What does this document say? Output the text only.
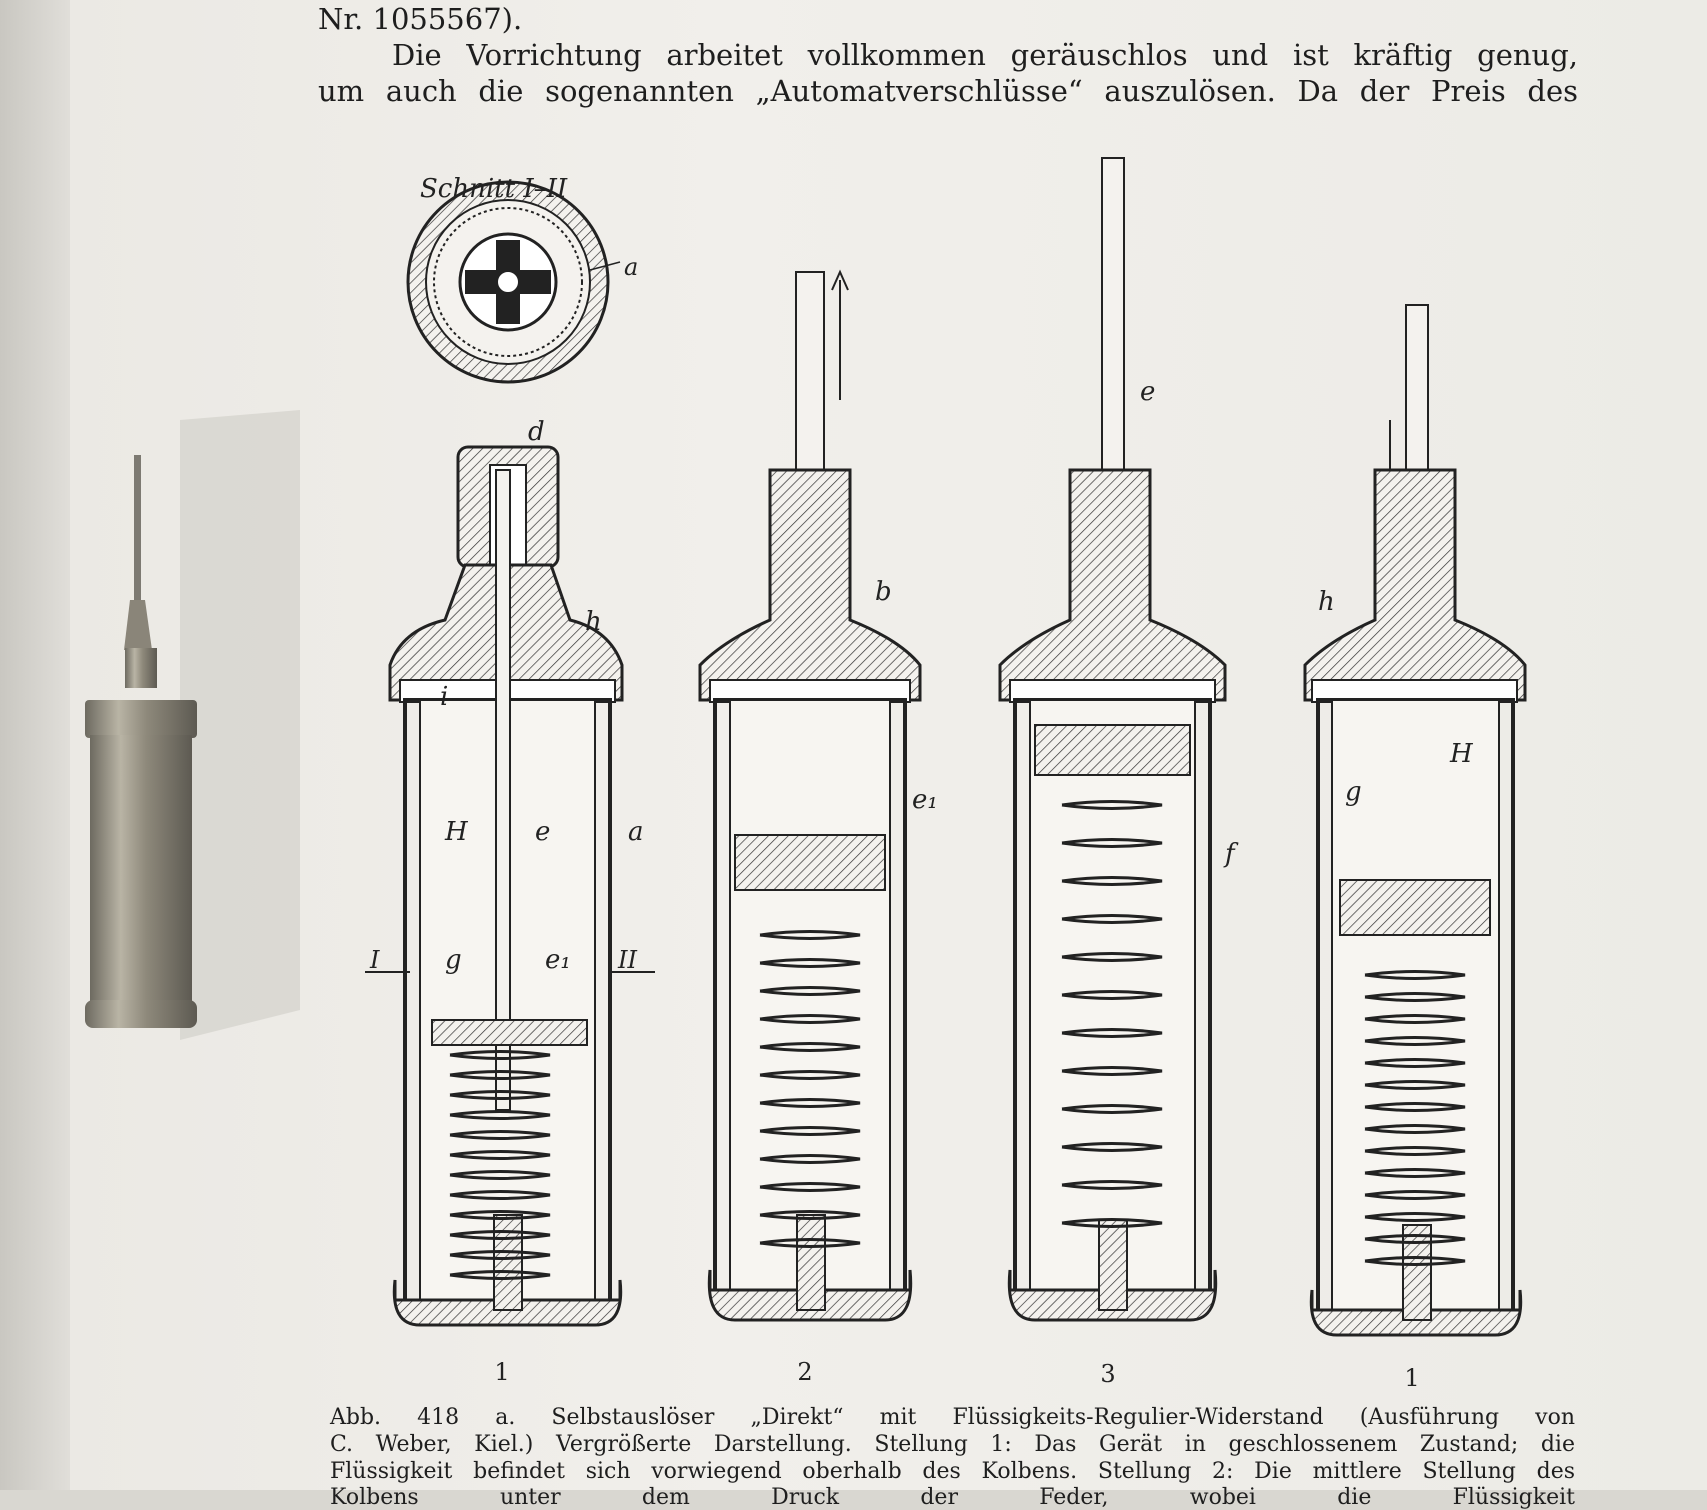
Nr. 1055567).
Die Vorrichtung arbeitet vollkommen geräuschlos und ist kräftig genug,
um auch die sogenannten „Automatverschlüsse“ auszulösen. Da der Preis des
a
d
h
i
H	e	a
g	e₁
I	II
b
e₁
e
f
h
H
g
Schnitt I–II
1	2	3	1
Abb. 418 a. Selbstauslöser „Direkt“ mit Flüssigkeits-Regulier-Widerstand (Ausführung von
C. Weber, Kiel.) Vergrößerte Darstellung. Stellung 1: Das Gerät in geschlossenem Zustand; die
Flüssigkeit befindet sich vorwiegend oberhalb des Kolbens. Stellung 2: Die mittlere Stellung des
Kolbens unter dem Druck der Feder, wobei die Flüssigkeit
